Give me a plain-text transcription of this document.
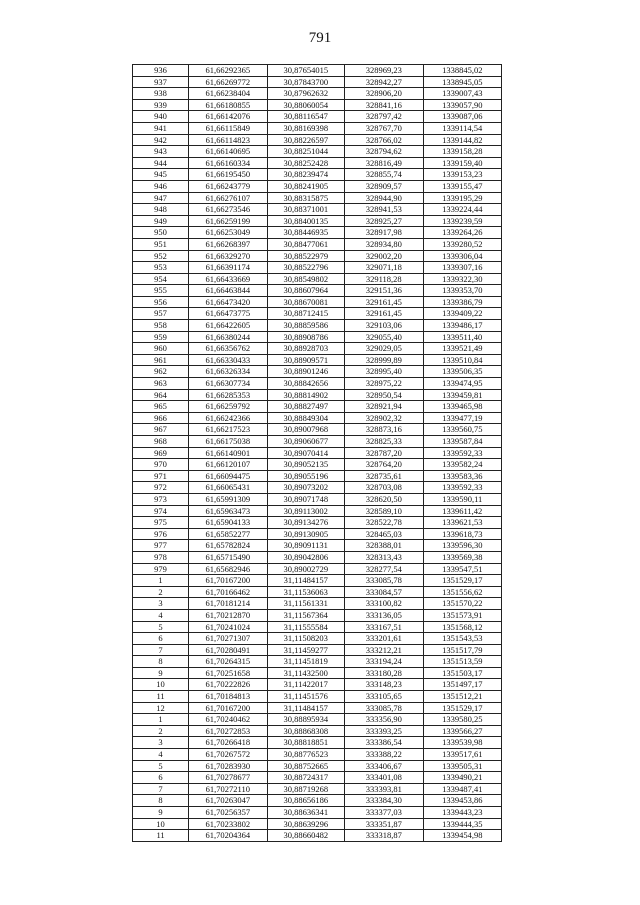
791
936	61,66292365	30,87654015	328969,23	1338845,02
937	61,66269772	30,87843700	328942,27	1338945,05
938	61,66238404	30,87962632	328906,20	1339007,43
939	61,66180855	30,88060054	328841,16	1339057,90
940	61,66142076	30,88116547	328797,42	1339087,06
941	61,66115849	30,88169398	328767,70	1339114,54
942	61,66114823	30,88226597	328766,02	1339144,82
943	61,66140695	30,88251044	328794,62	1339158,28
944	61,66160334	30,88252428	328816,49	1339159,40
945	61,66195450	30,88239474	328855,74	1339153,23
946	61,66243779	30,88241905	328909,57	1339155,47
947	61,66276107	30,88315875	328944,90	1339195,29
948	61,66273546	30,88371001	328941,53	1339224,44
949	61,66259199	30,88400135	328925,27	1339239,59
950	61,66253049	30,88446935	328917,98	1339264,26
951	61,66268397	30,88477061	328934,80	1339280,52
952	61,66329270	30,88522979	329002,20	1339306,04
953	61,66391174	30,88522796	329071,18	1339307,16
954	61,66433669	30,88549802	329118,28	1339322,30
955	61,66463844	30,88607964	329151,36	1339353,70
956	61,66473420	30,88670081	329161,45	1339386,79
957	61,66473775	30,88712415	329161,45	1339409,22
958	61,66422605	30,88859586	329103,06	1339486,17
959	61,66380244	30,88908786	329055,40	1339511,40
960	61,66356762	30,88928703	329029,05	1339521,49
961	61,66330433	30,88909571	328999,89	1339510,84
962	61,66326334	30,88901246	328995,40	1339506,35
963	61,66307734	30,88842656	328975,22	1339474,95
964	61,66285353	30,88814902	328950,54	1339459,81
965	61,66259792	30,88827497	328921,94	1339465,98
966	61,66242366	30,88849304	328902,32	1339477,19
967	61,66217523	30,89007968	328873,16	1339560,75
968	61,66175038	30,89060677	328825,33	1339587,84
969	61,66140901	30,89070414	328787,20	1339592,33
970	61,66120107	30,89052135	328764,20	1339582,24
971	61,66094475	30,89055196	328735,61	1339583,36
972	61,66065431	30,89073202	328703,08	1339592,33
973	61,65991309	30,89071748	328620,50	1339590,11
974	61,65963473	30,89113002	328589,10	1339611,42
975	61,65904133	30,89134276	328522,78	1339621,53
976	61,65852277	30,89130905	328465,03	1339618,73
977	61,65782824	30,89091131	328388,01	1339596,30
978	61,65715490	30,89042806	328313,43	1339569,38
979	61,65682946	30,89002729	328277,54	1339547,51
1	61,70167200	31,11484157	333085,78	1351529,17
2	61,70166462	31,11536063	333084,57	1351556,62
3	61,70181214	31,11561331	333100,82	1351570,22
4	61,70212870	31,11567364	333136,05	1351573,91
5	61,70241024	31,11555584	333167,51	1351568,12
6	61,70271307	31,11508203	333201,61	1351543,53
7	61,70280491	31,11459277	333212,21	1351517,79
8	61,70264315	31,11451819	333194,24	1351513,59
9	61,70251658	31,11432500	333180,28	1351503,17
10	61,70222826	31,11422017	333148,23	1351497,17
11	61,70184813	31,11451576	333105,65	1351512,21
12	61,70167200	31,11484157	333085,78	1351529,17
1	61,70240462	30,88895934	333356,90	1339580,25
2	61,70272853	30,88868308	333393,25	1339566,27
3	61,70266418	30,88818851	333386,54	1339539,98
4	61,70267572	30,88776523	333388,22	1339517,61
5	61,70283930	30,88752665	333406,67	1339505,31
6	61,70278677	30,88724317	333401,08	1339490,21
7	61,70272110	30,88719268	333393,81	1339487,41
8	61,70263047	30,88656186	333384,30	1339453,86
9	61,70256357	30,88636341	333377,03	1339443,23
10	61,70233802	30,88639296	333351,87	1339444,35
11	61,70204364	30,88660482	333318,87	1339454,98
